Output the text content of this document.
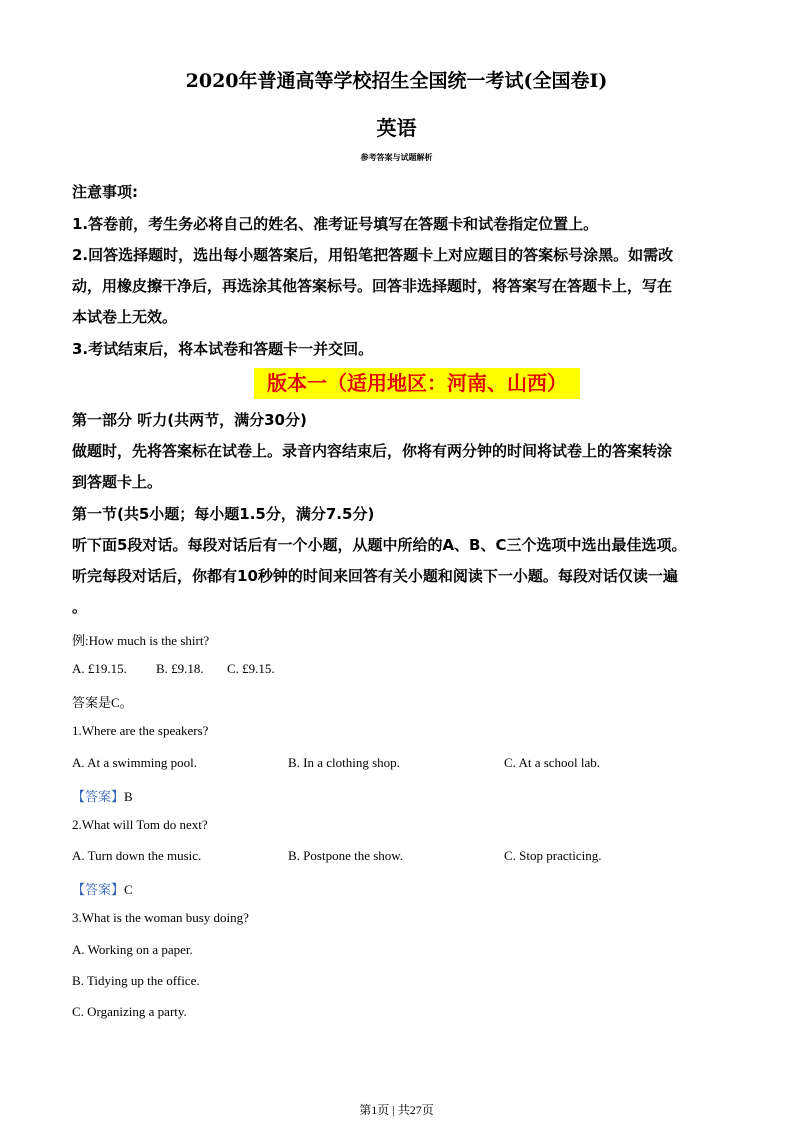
2020年普通高等学校招生全国统一考试(全国卷I)
英语
参考答案与试题解析
注意事项:
1.答卷前，考生务必将自己的姓名、准考证号填写在答题卡和试卷指定位置上。
2.回答选择题时，选出每小题答案后，用铅笔把答题卡上对应题目的答案标号涂黑。如需改
动，用橡皮擦干净后，再选涂其他答案标号。回答非选择题时，将答案写在答题卡上，写在
本试卷上无效。
3.考试结束后，将本试卷和答题卡一并交回。
版本一（适用地区：河南、山西）
第一部分 听力(共两节，满分30分)
做题时，先将答案标在试卷上。录音内容结束后，你将有两分钟的时间将试卷上的答案转涂
到答题卡上。
第一节(共5小题；每小题1.5分，满分7.5分)
听下面5段对话。每段对话后有一个小题，从题中所给的A、B、C三个选项中选出最佳选项。
听完每段对话后，你都有10秒钟的时间来回答有关小题和阅读下一小题。每段对话仅读一遍
。
例:How much is the shirt?
A. £19.15. B. £9.18. C. £9.15.
答案是C。
1.Where are the speakers?
A. At a swimming pool.	B. In a clothing shop.	C. At a school lab.
【答案】B
2.What will Tom do next?
A. Turn down the music.	B. Postpone the show.	C. Stop practicing.
【答案】C
3.What is the woman busy doing?
A. Working on a paper.
B. Tidying up the office.
C. Organizing a party.
第1页 | 共27页
